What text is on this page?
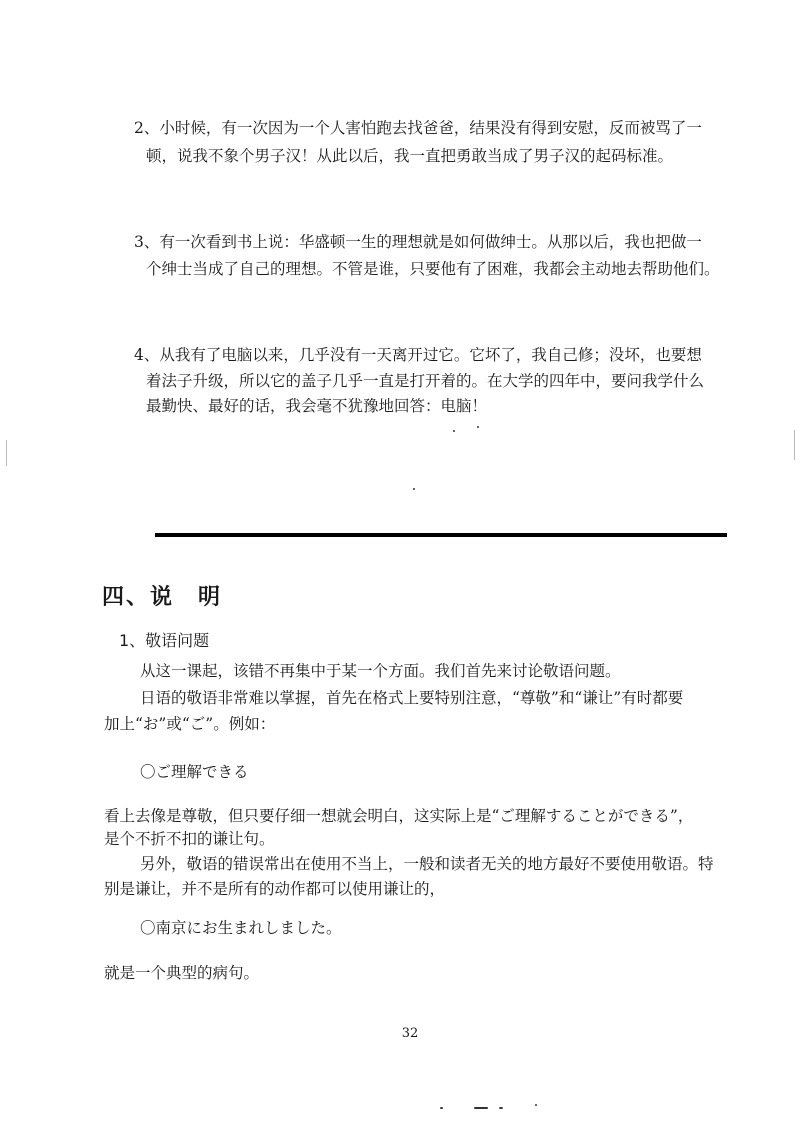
2、小时候，有一次因为一个人害怕跑去找爸爸，结果没有得到安慰，反而被骂了一
顿，说我不象个男子汉！从此以后，我一直把勇敢当成了男子汉的起码标准。
3、有一次看到书上说：华盛顿一生的理想就是如何做绅士。从那以后，我也把做一
个绅士当成了自己的理想。不管是谁，只要他有了困难，我都会主动地去帮助他们。
4、从我有了电脑以来，几乎没有一天离开过它。它坏了，我自己修；没坏，也要想
着法子升级，所以它的盖子几乎一直是打开着的。在大学的四年中，要问我学什么
最勤快、最好的话，我会毫不犹豫地回答：电脑！
四、说　明
1、敬语问题
从这一课起，该错不再集中于某一个方面。我们首先来讨论敬语问题。
日语的敬语非常难以掌握，首先在格式上要特别注意，“尊敬”和“谦让”有时都要
加上“お”或“ご”。例如：
〇ご理解できる
看上去像是尊敬，但只要仔细一想就会明白，这实际上是“ご理解することができる”，
是个不折不扣的谦让句。
另外，敬语的错误常出在使用不当上，一般和读者无关的地方最好不要使用敬语。特
别是谦让，并不是所有的动作都可以使用谦让的，
〇南京にお生まれしました。
就是一个典型的病句。
32
